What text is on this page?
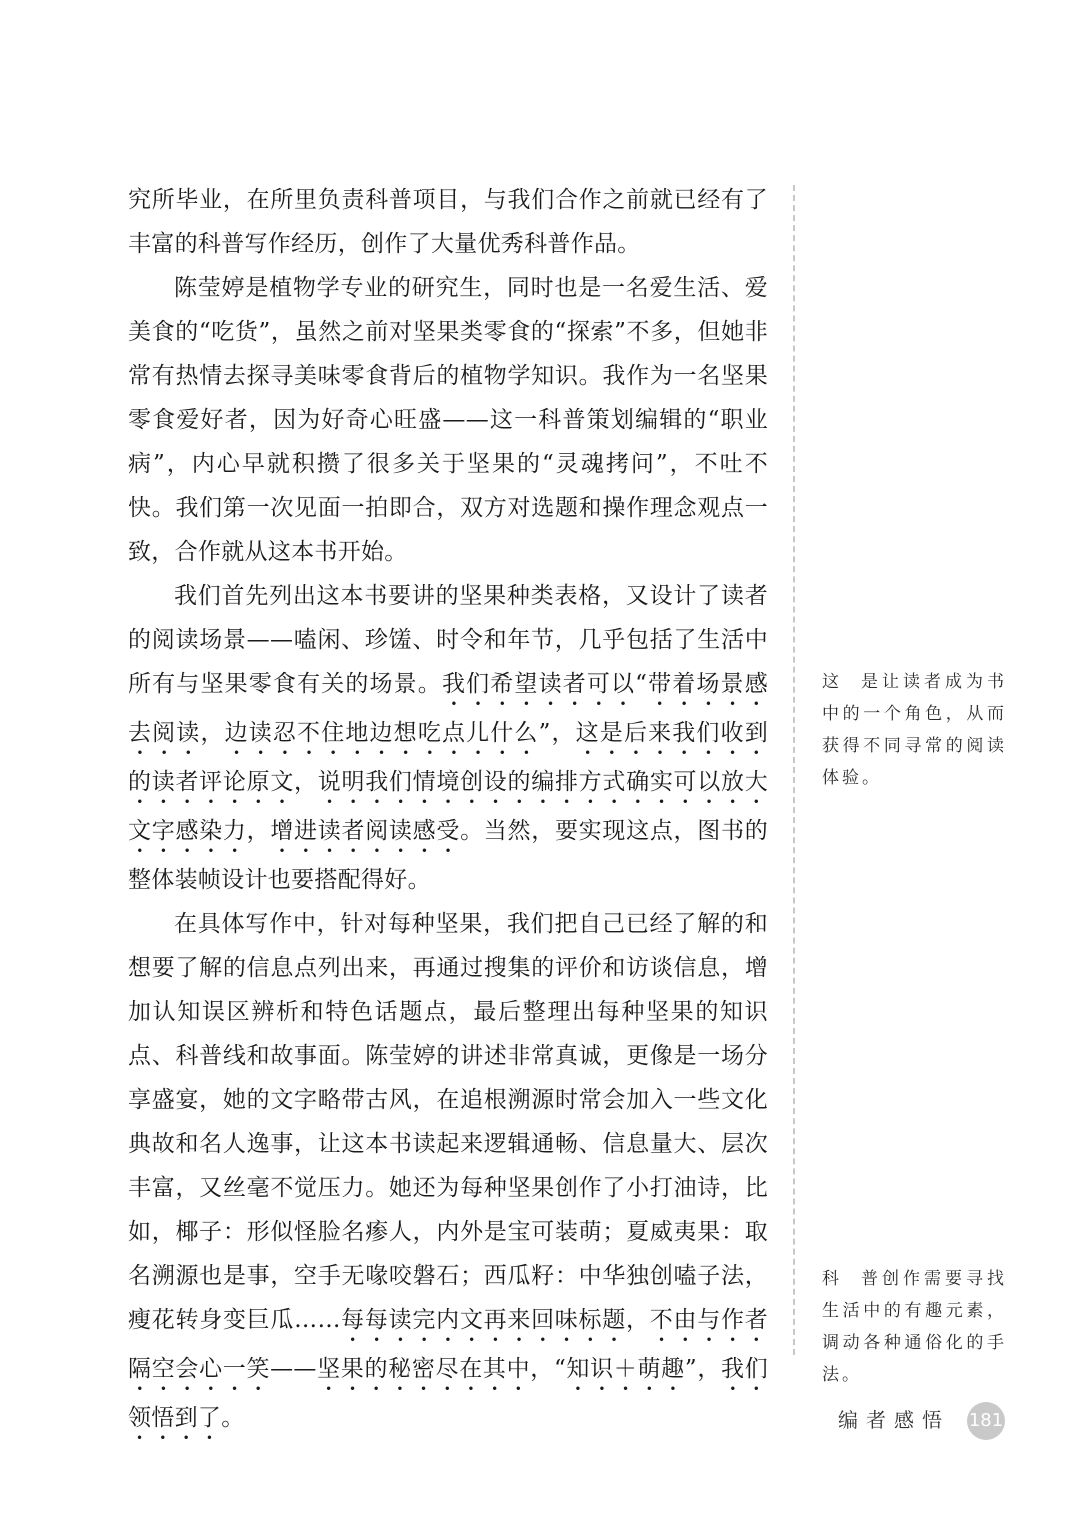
究所毕业，在所里负责科普项目，与我们合作之前就已经有了丰富的科普写作经历，创作了大量优秀科普作品。

陈莹婷是植物学专业的研究生，同时也是一名爱生活、爱美食的“吃货”，虽然之前对坚果类零食的“探索”不多，但她非常有热情去探寻美味零食背后的植物学知识。我作为一名坚果零食爱好者，因为好奇心旺盛——这一科普策划编辑的“职业病”，内心早就积攒了很多关于坚果的“灵魂拷问”，不吐不快。我们第一次见面一拍即合，双方对选题和操作理念观点一致，合作就从这本书开始。

我们首先列出这本书要讲的坚果种类表格，又设计了读者的阅读场景——嗑闲、珍馐、时令和年节，几乎包括了生活中所有与坚果零食有关的场景。我们希望读者可以“带着场景感去阅读，边读忍不住地边想吃点儿什么”，这是后来我们收到的读者评论原文，说明我们情境创设的编排方式确实可以放大文字感染力，增进读者阅读感受。当然，要实现这点，图书的整体装帧设计也要搭配得好。

在具体写作中，针对每种坚果，我们把自己已经了解的和想要了解的信息点列出来，再通过搜集的评价和访谈信息，增加认知误区辨析和特色话题点，最后整理出每种坚果的知识点、科普线和故事面。陈莹婷的讲述非常真诚，更像是一场分享盛宴，她的文字略带古风，在追根溯源时常会加入一些文化典故和名人逸事，让这本书读起来逻辑通畅、信息量大、层次丰富，又丝毫不觉压力。她还为每种坚果创作了小打油诗，比如，椰子：形似怪脸名瘆人，内外是宝可装萌；夏威夷果：取名溯源也是事，空手无喙咬磐石；西瓜籽：中华独创嗑子法，瘦花转身变巨瓜……每每读完内文再来回味标题，不由与作者隔空会心一笑——坚果的秘密尽在其中，“知识＋萌趣”，我们领悟到了。

这 是让读者成为书中的一个角色，从而获得不同寻常的阅读体验。

科 普创作需要寻找生活中的有趣元素，调动各种通俗化的手法。

编者感悟 181
